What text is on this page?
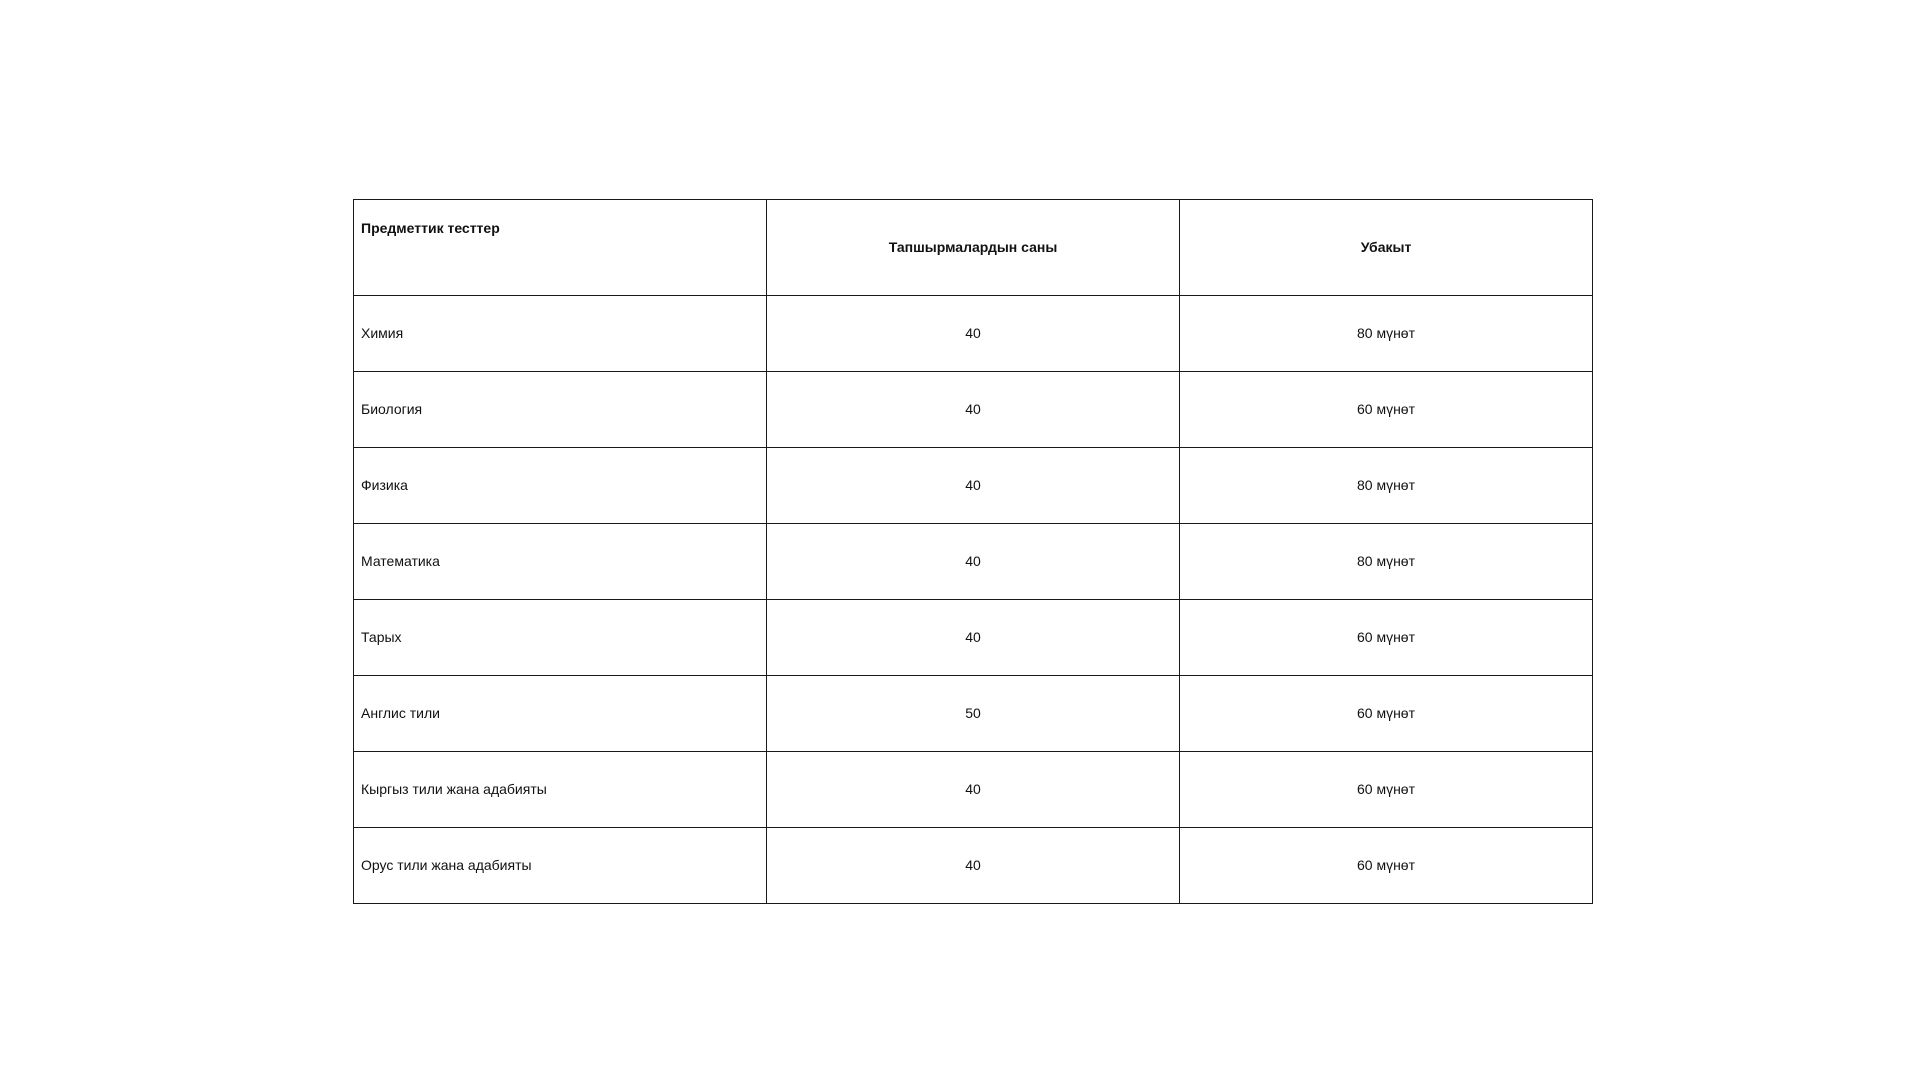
Предметтик тесттер	Тапшырмалардын саны	Убакыт
Химия	40	80 мүнөт
Биология	40	60 мүнөт
Физика	40	80 мүнөт
Математика	40	80 мүнөт
Тарых	40	60 мүнөт
Англис тили	50	60 мүнөт
Кыргыз тили жана адабияты	40	60 мүнөт
Орус тили жана адабияты	40	60 мүнөт
